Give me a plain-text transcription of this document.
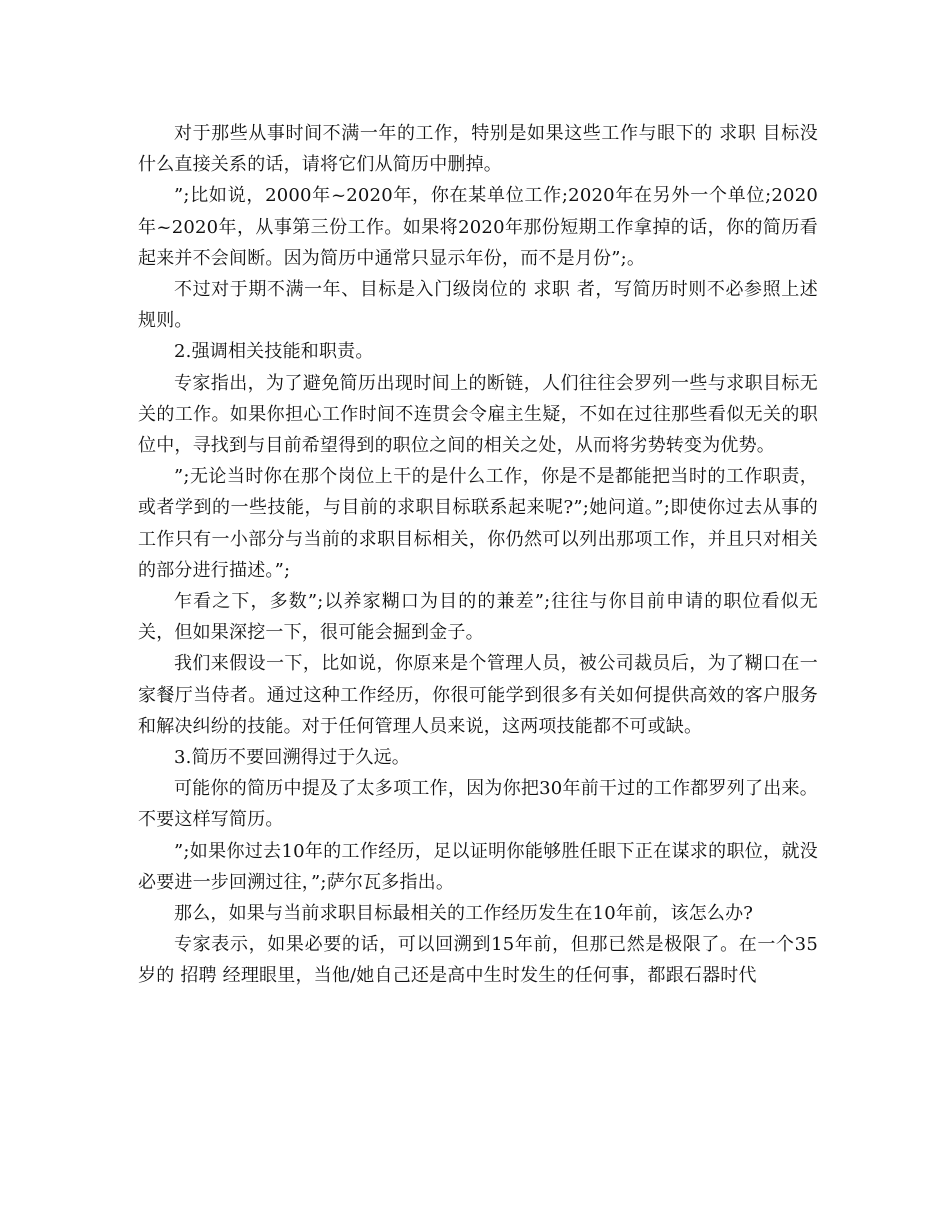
对于那些从事时间不满一年的工作，特别是如果这些工作与眼下的 求职 目标没什么直接关系的话，请将它们从简历中删掉。

”;比如说，2000年~2020年，你在某单位工作;2020年在另外一个单位;2020年~2020年，从事第三份工作。如果将2020年那份短期工作拿掉的话，你的简历看起来并不会间断。因为简历中通常只显示年份，而不是月份”;。

不过对于期不满一年、目标是入门级岗位的 求职 者，写简历时则不必参照上述规则。

2.强调相关技能和职责。

专家指出，为了避免简历出现时间上的断链，人们往往会罗列一些与求职目标无关的工作。如果你担心工作时间不连贯会令雇主生疑，不如在过往那些看似无关的职位中，寻找到与目前希望得到的职位之间的相关之处，从而将劣势转变为优势。

”;无论当时你在那个岗位上干的是什么工作，你是不是都能把当时的工作职责，或者学到的一些技能，与目前的求职目标联系起来呢?”;她问道。”;即使你过去从事的工作只有一小部分与当前的求职目标相关，你仍然可以列出那项工作，并且只对相关的部分进行描述。”;

乍看之下，多数”;以养家糊口为目的的兼差”;往往与你目前申请的职位看似无关，但如果深挖一下，很可能会掘到金子。

我们来假设一下，比如说，你原来是个管理人员，被公司裁员后，为了糊口在一家餐厅当侍者。通过这种工作经历，你很可能学到很多有关如何提供高效的客户服务和解决纠纷的技能。对于任何管理人员来说，这两项技能都不可或缺。

3.简历不要回溯得过于久远。

可能你的简历中提及了太多项工作，因为你把30年前干过的工作都罗列了出来。不要这样写简历。

”;如果你过去10年的工作经历，足以证明你能够胜任眼下正在谋求的职位，就没必要进一步回溯过往，”;萨尔瓦多指出。

那么，如果与当前求职目标最相关的工作经历发生在10年前，该怎么办?

专家表示，如果必要的话，可以回溯到15年前，但那已然是极限了。在一个35岁的 招聘 经理眼里，当他/她自己还是高中生时发生的任何事，都跟石器时代
